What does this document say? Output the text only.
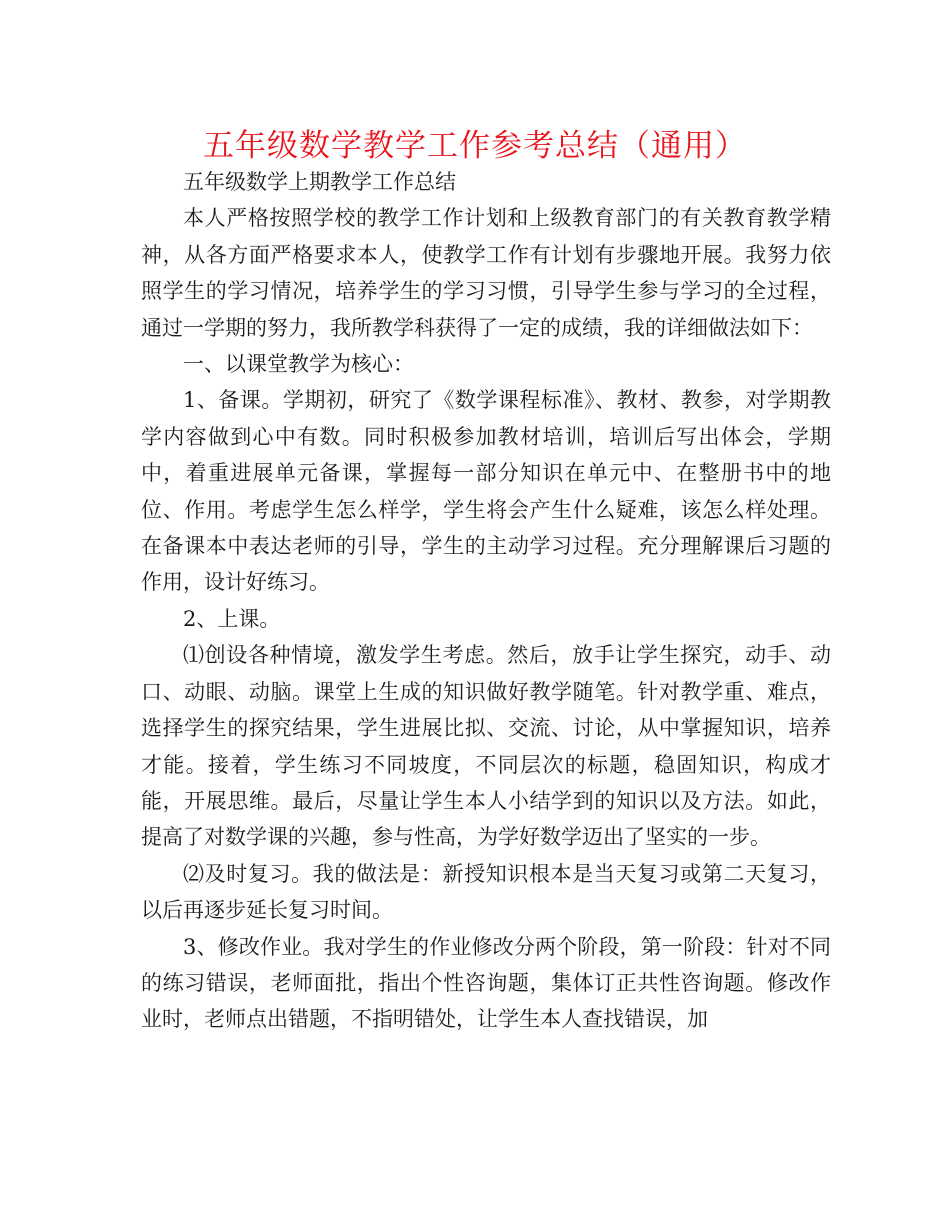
五年级数学教学工作参考总结（通用）

五年级数学上期教学工作总结

本人严格按照学校的教学工作计划和上级教育部门的有关教育教学精神，从各方面严格要求本人，使教学工作有计划有步骤地开展。我努力依照学生的学习情况，培养学生的学习习惯，引导学生参与学习的全过程，通过一学期的努力，我所教学科获得了一定的成绩，我的详细做法如下：

一、以课堂教学为核心：

1、备课。学期初，研究了《数学课程标准》、教材、教参，对学期教学内容做到心中有数。同时积极参加教材培训，培训后写出体会，学期中，着重进展单元备课，掌握每一部分知识在单元中、在整册书中的地位、作用。考虑学生怎么样学，学生将会产生什么疑难，该怎么样处理。在备课本中表达老师的引导，学生的主动学习过程。充分理解课后习题的作用，设计好练习。

2、上课。

⑴创设各种情境，激发学生考虑。然后，放手让学生探究，动手、动口、动眼、动脑。课堂上生成的知识做好教学随笔。针对教学重、难点，选择学生的探究结果，学生进展比拟、交流、讨论，从中掌握知识，培养才能。接着，学生练习不同坡度，不同层次的标题，稳固知识，构成才能，开展思维。最后，尽量让学生本人小结学到的知识以及方法。如此，提高了对数学课的兴趣，参与性高，为学好数学迈出了坚实的一步。

⑵及时复习。我的做法是：新授知识根本是当天复习或第二天复习，以后再逐步延长复习时间。

3、修改作业。我对学生的作业修改分两个阶段，第一阶段：针对不同的练习错误，老师面批，指出个性咨询题，集体订正共性咨询题。修改作业时，老师点出错题，不指明错处，让学生本人查找错误，加
